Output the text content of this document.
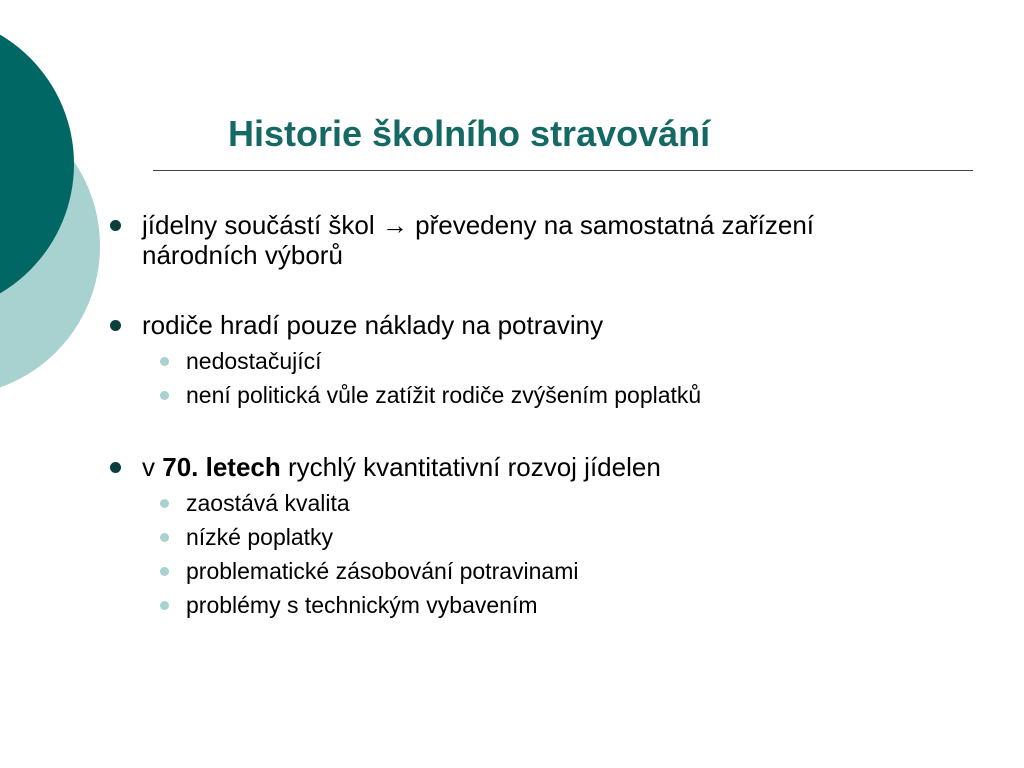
Historie školního stravování
jídelny součástí škol → převedeny na samostatná zařízení
národních výborů
rodiče hradí pouze náklady na potraviny
nedostačující
není politická vůle zatížit rodiče zvýšením poplatků
v 70. letech rychlý kvantitativní rozvoj jídelen
zaostává kvalita
nízké poplatky
problematické zásobování potravinami
problémy s technickým vybavením
